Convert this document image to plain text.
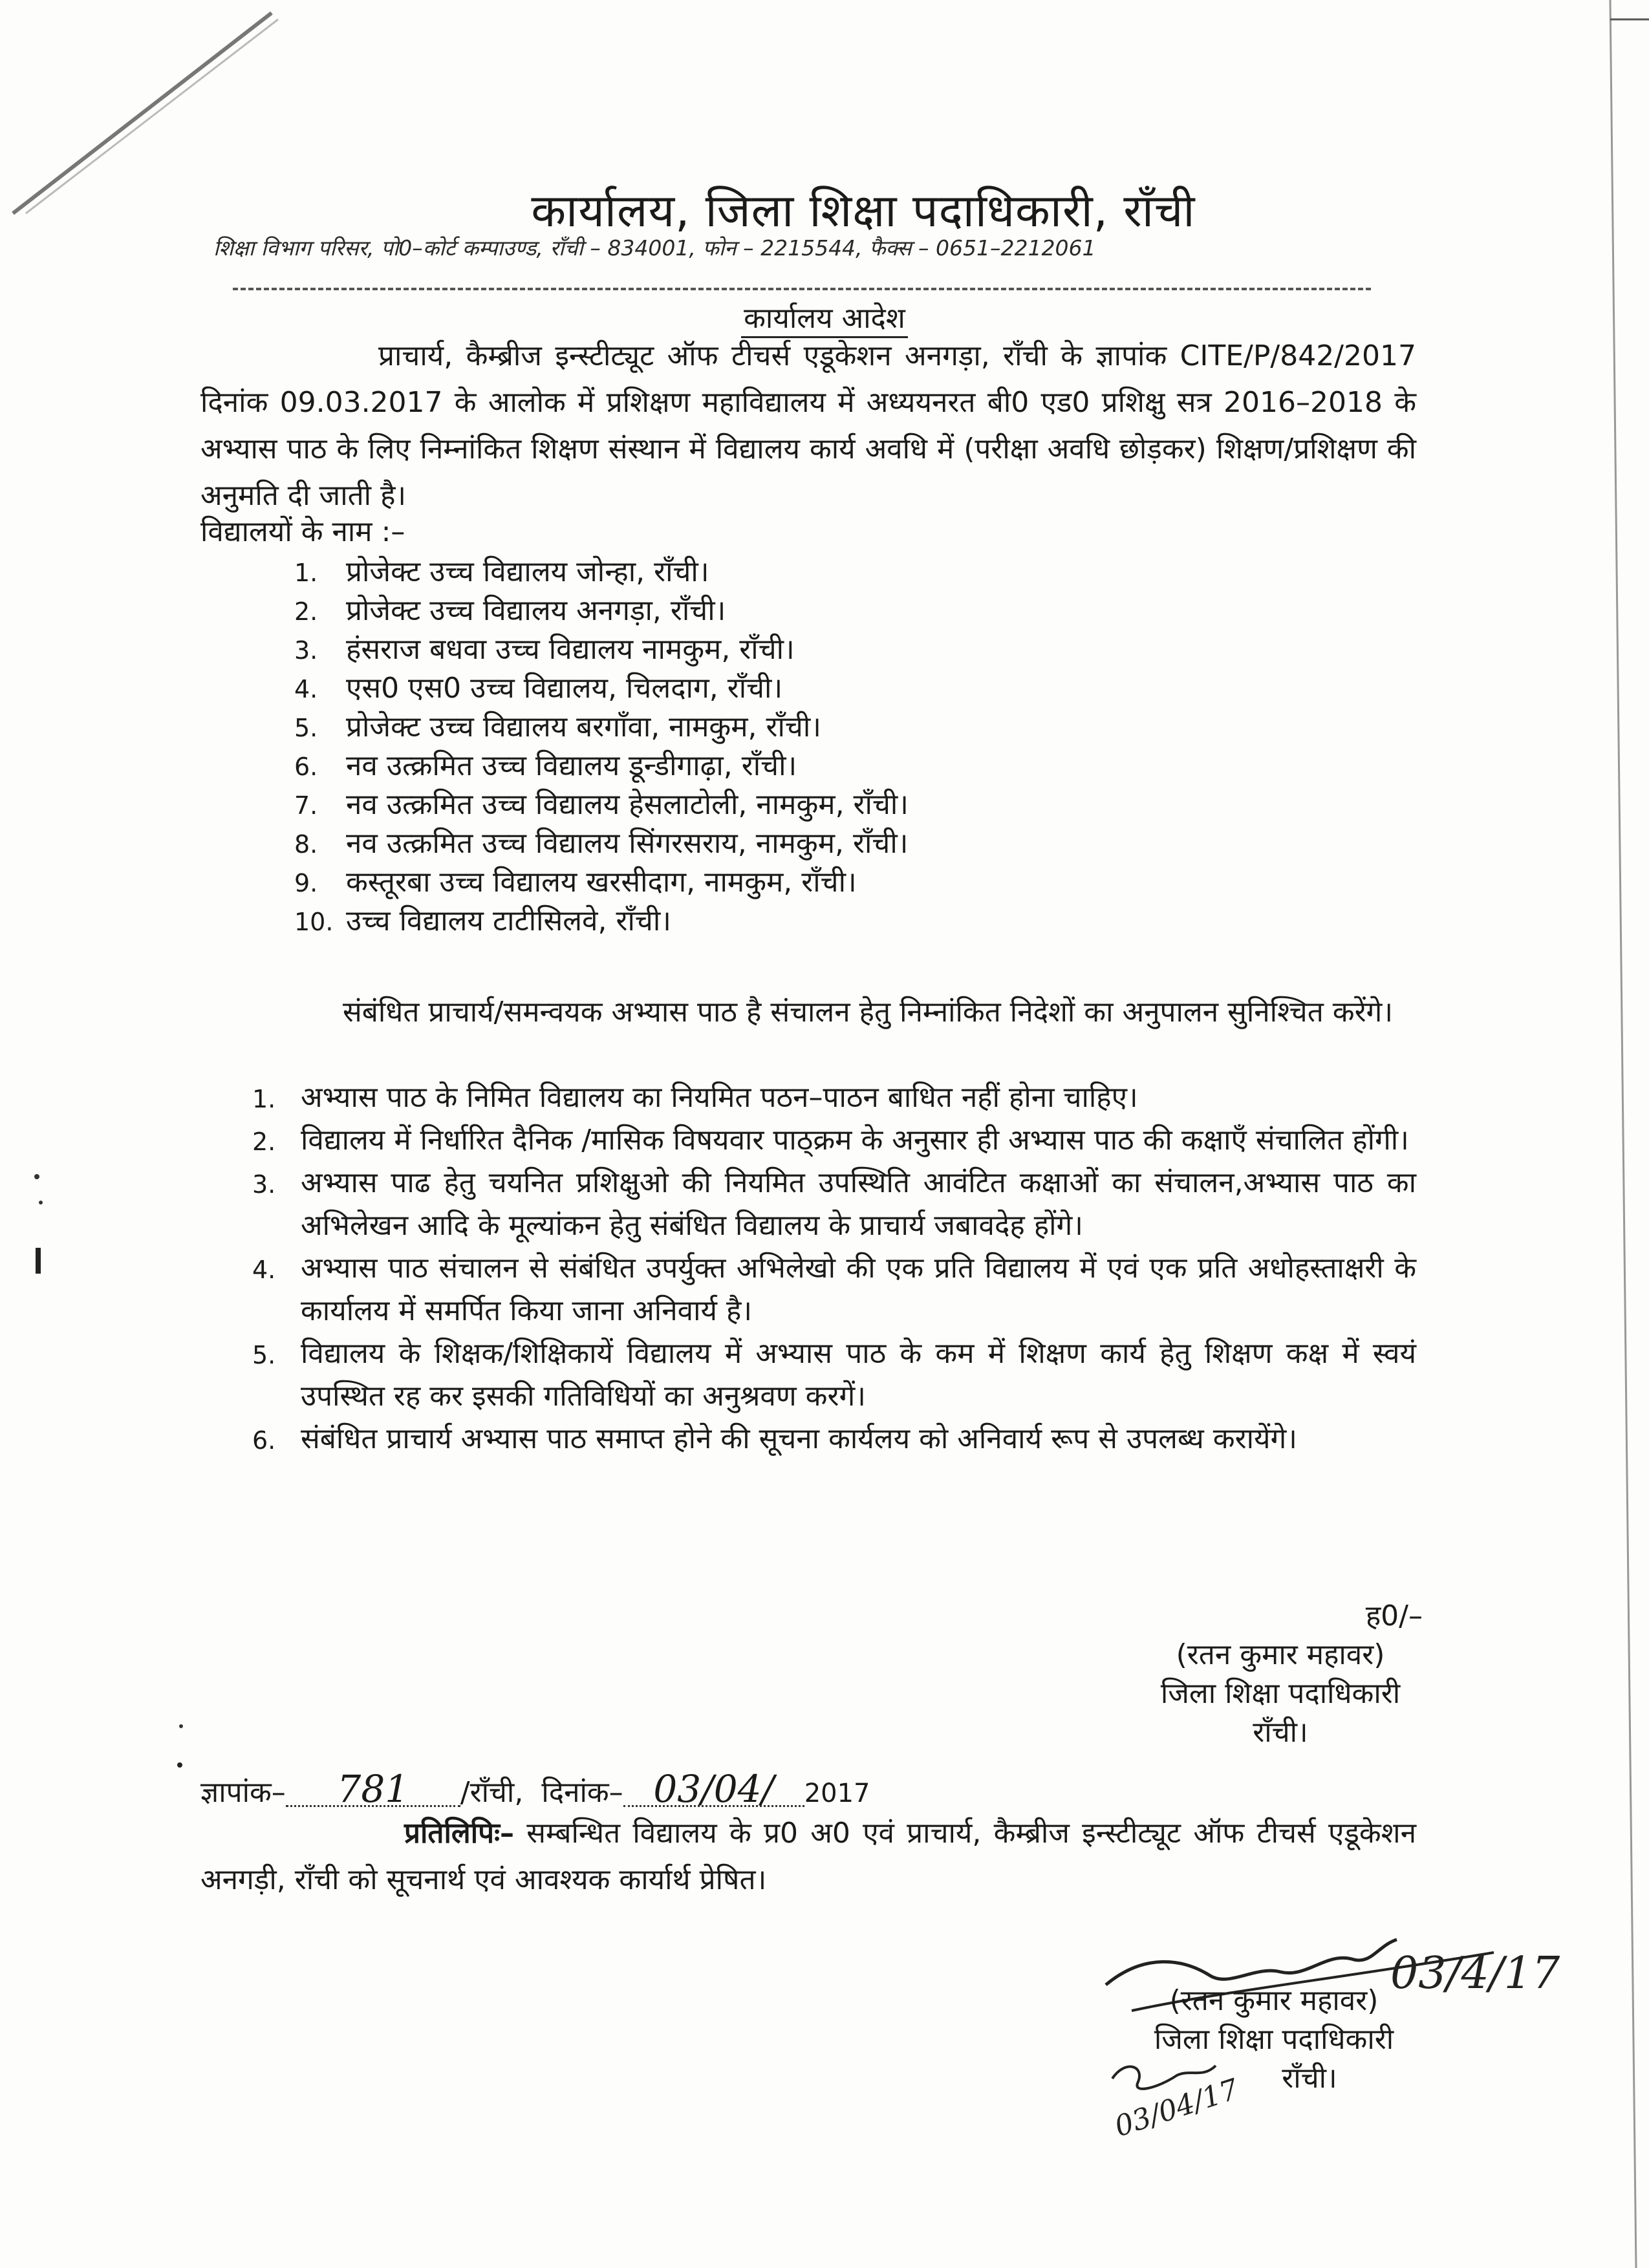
कार्यालय, जिला शिक्षा पदाधिकारी, राँची
शिक्षा विभाग परिसर, पो0–कोर्ट कम्पाउण्ड, राँची – 834001, फोन – 2215544, फैक्स – 0651–2212061
कार्यालय आदेश
प्राचार्य, कैम्ब्रीज इन्स्टीट्यूट ऑफ टीचर्स एडूकेशन अनगड़ा, राँची के ज्ञापांक CITE/P/842/2017 दिनांक 09.03.2017 के आलोक में प्रशिक्षण महाविद्यालय में अध्ययनरत बी0 एड0 प्रशिक्षु सत्र 2016–2018 के अभ्यास पाठ के लिए निम्नांकित शिक्षण संस्थान में विद्यालय कार्य अवधि में (परीक्षा अवधि छोड़कर) शिक्षण/प्रशिक्षण की अनुमति दी जाती है।
विद्यालयों के नाम :–
1. प्रोजेक्ट उच्च विद्यालय जोन्हा, राँची।
2. प्रोजेक्ट उच्च विद्यालय अनगड़ा, राँची।
3. हंसराज बधवा उच्च विद्यालय नामकुम, राँची।
4. एस0 एस0 उच्च विद्यालय, चिलदाग, राँची।
5. प्रोजेक्ट उच्च विद्यालय बरगाँवा, नामकुम, राँची।
6. नव उत्क्रमित उच्च विद्यालय डून्डीगाढ़ा, राँची।
7. नव उत्क्रमित उच्च विद्यालय हेसलाटोली, नामकुम, राँची।
8. नव उत्क्रमित उच्च विद्यालय सिंगरसराय, नामकुम, राँची।
9. कस्तूरबा उच्च विद्यालय खरसीदाग, नामकुम, राँची।
10. उच्च विद्यालय टाटीसिलवे, राँची।
संबंधित प्राचार्य/समन्वयक अभ्यास पाठ है संचालन हेतु निम्नांकित निदेशों का अनुपालन सुनिश्चित करेंगे।
1. अभ्यास पाठ के निमित विद्यालय का नियमित पठन–पाठन बाधित नहीं होना चाहिए।
2. विद्यालय में निर्धारित दैनिक /मासिक विषयवार पाठ्क्रम के अनुसार ही अभ्यास पाठ की कक्षाएँ संचालित होंगी।
3. अभ्यास पाढ हेतु चयनित प्रशिक्षुओ की नियमित उपस्थिति आवंटित कक्षाओं का संचालन,अभ्यास पाठ का अभिलेखन आदि के मूल्यांकन हेतु संबंधित विद्यालय के प्राचार्य जबावदेह होंगे।
4. अभ्यास पाठ संचालन से संबंधित उपर्युक्त अभिलेखो की एक प्रति विद्यालय में एवं एक प्रति अधोहस्ताक्षरी के कार्यालय में समर्पित किया जाना अनिवार्य है।
5. विद्यालय के शिक्षक/शिक्षिकायें विद्यालय में अभ्यास पाठ के कम में शिक्षण कार्य हेतु शिक्षण कक्ष में स्वयं उपस्थित रह कर इसकी गतिविधियों का अनुश्रवण करगें।
6. संबंधित प्राचार्य अभ्यास पाठ समाप्त होने की सूचना कार्यलय को अनिवार्य रूप से उपलब्ध करायेंगे।
ह0/–
(रतन कुमार महावर)
जिला शिक्षा पदाधिकारी
राँची।
ज्ञापांक– 781 /राँची, दिनांक– 03/04/ 2017
प्रतिलिपिः– सम्बन्धित विद्यालय के प्र0 अ0 एवं प्राचार्य, कैम्ब्रीज इन्स्टीट्यूट ऑफ टीचर्स एडूकेशन अनगड़ी, राँची को सूचनार्थ एवं आवश्यक कार्यार्थ प्रेषित।
03/4/17
(रतन कुमार महावर)
जिला शिक्षा पदाधिकारी
राँची।
03/04/17
